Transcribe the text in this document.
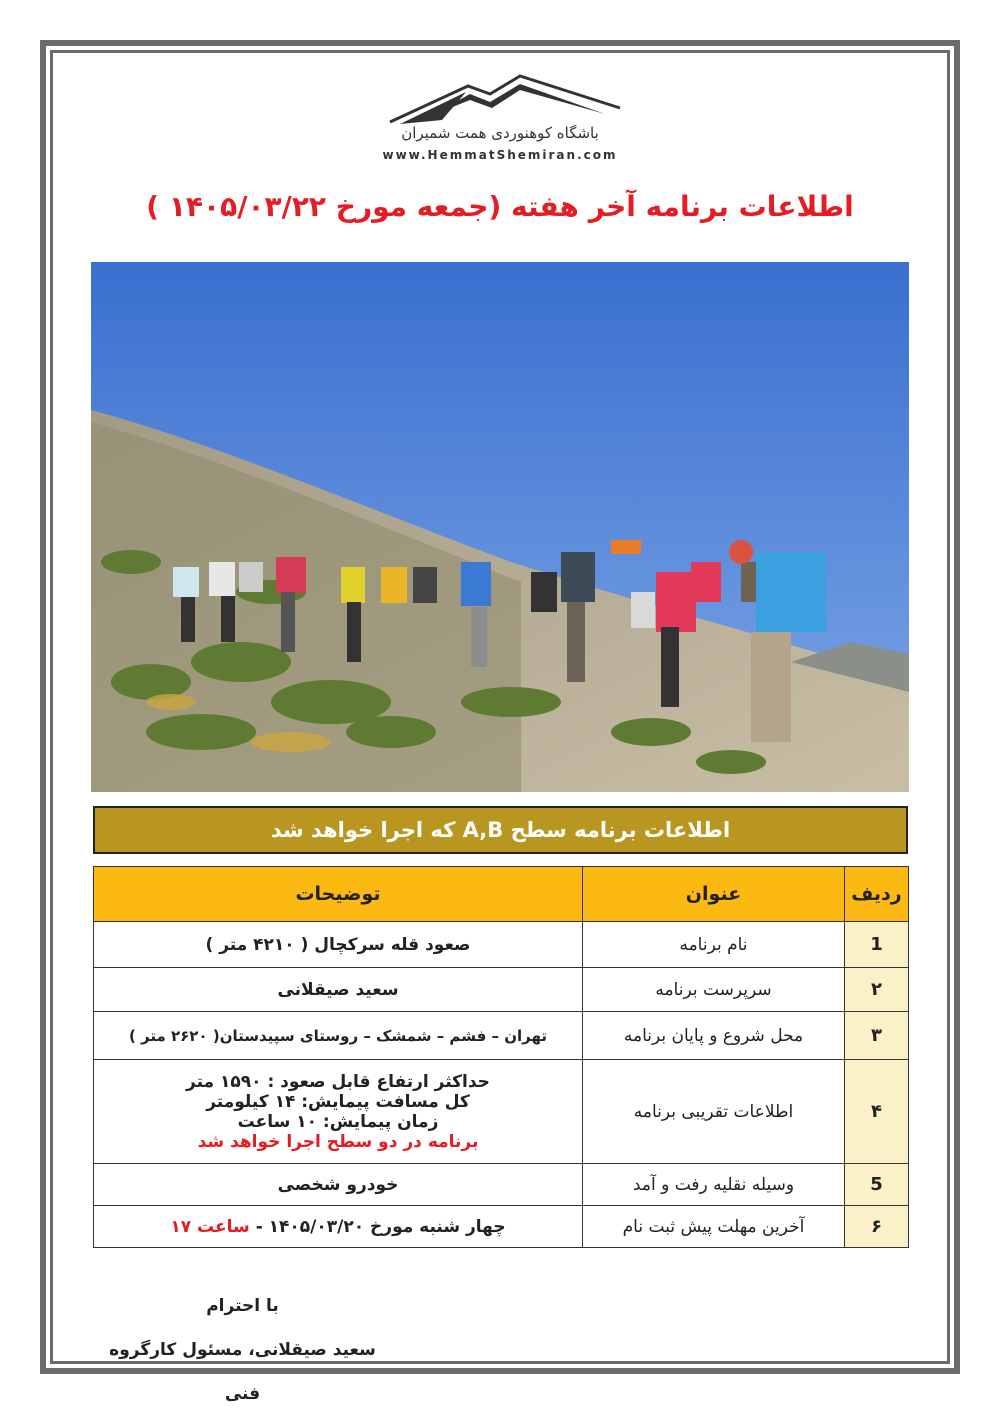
باشگاه کوهنوردی همت شمیران
www.HemmatShemiran.com
اطلاعات برنامه آخر هفته (جمعه مورخ ۱۴۰۵/۰۳/۲۲ )
اطلاعات برنامه سطح A,B که اجرا خواهد شد
ردیف	عنوان	توضیحات
1	نام برنامه	صعود قله سرکچال ( ۴۲۱۰ متر )
۲	سرپرست برنامه	سعید صیقلانی
۳	محل شروع و پایان برنامه	تهران – فشم – شمشک – روستای سپیدستان( ۲۶۲۰ متر )
۴	اطلاعات تقریبی برنامه	حداکثر ارتفاع قابل صعود : ۱۵۹۰ متر
کل مسافت پیمایش: ۱۴ کیلومتر
زمان پیمایش: ۱۰ ساعت
برنامه در دو سطح اجرا خواهد شد

5	وسیله نقلیه رفت و آمد	خودرو شخصی
۶	آخرین مهلت پیش ثبت نام	چهار شنبه مورخ ۱۴۰۵/۰۳/۲۰ - ساعت ۱۷
با احترام
سعید صیقلانی، مسئول کارگروه فنی
